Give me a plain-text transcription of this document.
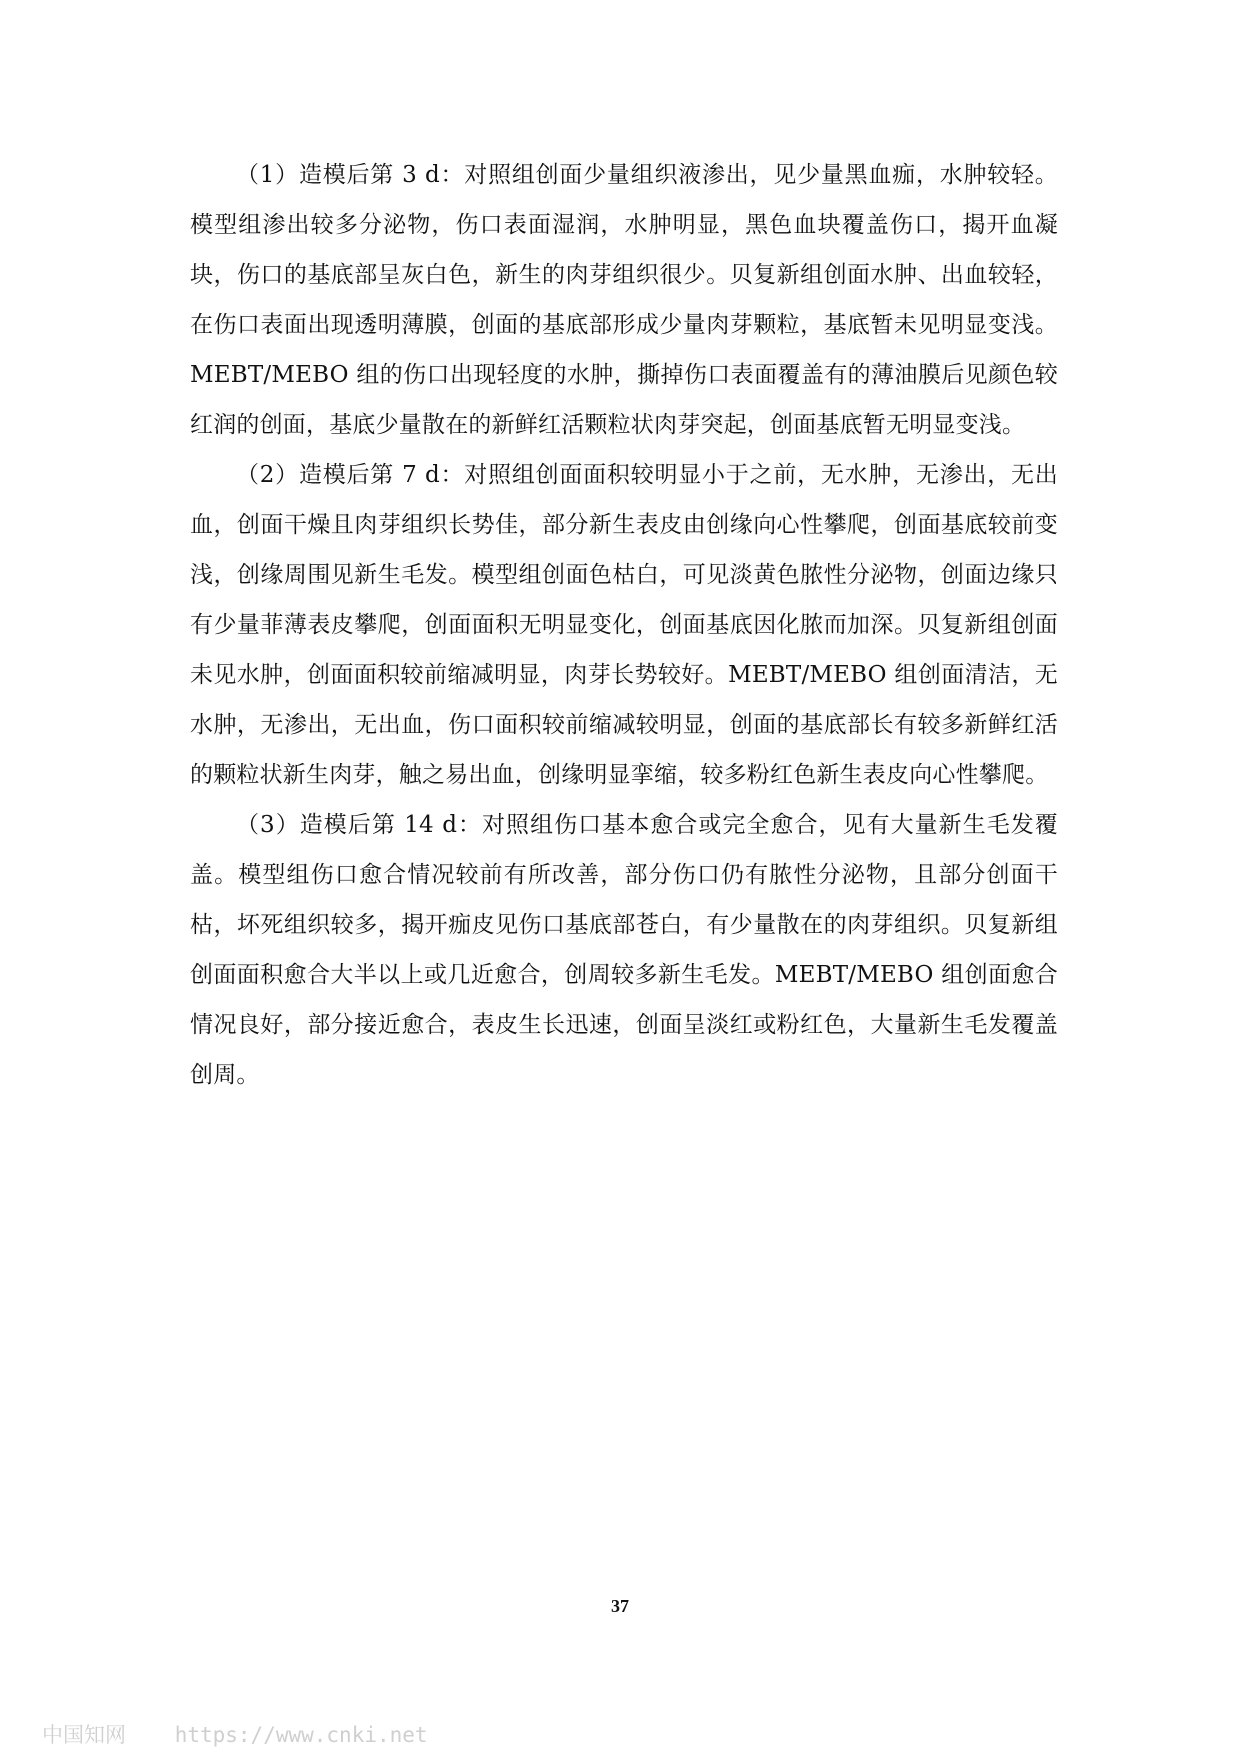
（1）造模后第 3 d：对照组创面少量组织液渗出，见少量黑血痂，水肿较轻。模型组渗出较多分泌物，伤口表面湿润，水肿明显，黑色血块覆盖伤口，揭开血凝块，伤口的基底部呈灰白色，新生的肉芽组织很少。贝复新组创面水肿、出血较轻，在伤口表面出现透明薄膜，创面的基底部形成少量肉芽颗粒，基底暂未见明显变浅。MEBT/MEBO 组的伤口出现轻度的水肿，撕掉伤口表面覆盖有的薄油膜后见颜色较红润的创面，基底少量散在的新鲜红活颗粒状肉芽突起，创面基底暂无明显变浅。

（2）造模后第 7 d：对照组创面面积较明显小于之前，无水肿，无渗出，无出血，创面干燥且肉芽组织长势佳，部分新生表皮由创缘向心性攀爬，创面基底较前变浅，创缘周围见新生毛发。模型组创面色枯白，可见淡黄色脓性分泌物，创面边缘只有少量菲薄表皮攀爬，创面面积无明显变化，创面基底因化脓而加深。贝复新组创面未见水肿，创面面积较前缩减明显，肉芽长势较好。MEBT/MEBO 组创面清洁，无水肿，无渗出，无出血，伤口面积较前缩减较明显，创面的基底部长有较多新鲜红活的颗粒状新生肉芽，触之易出血，创缘明显挛缩，较多粉红色新生表皮向心性攀爬。

（3）造模后第 14 d：对照组伤口基本愈合或完全愈合，见有大量新生毛发覆盖。模型组伤口愈合情况较前有所改善，部分伤口仍有脓性分泌物，且部分创面干枯，坏死组织较多，揭开痂皮见伤口基底部苍白，有少量散在的肉芽组织。贝复新组创面面积愈合大半以上或几近愈合，创周较多新生毛发。MEBT/MEBO 组创面愈合情况良好，部分接近愈合，表皮生长迅速，创面呈淡红或粉红色，大量新生毛发覆盖创周。

37
中国知网 https://www.cnki.net
